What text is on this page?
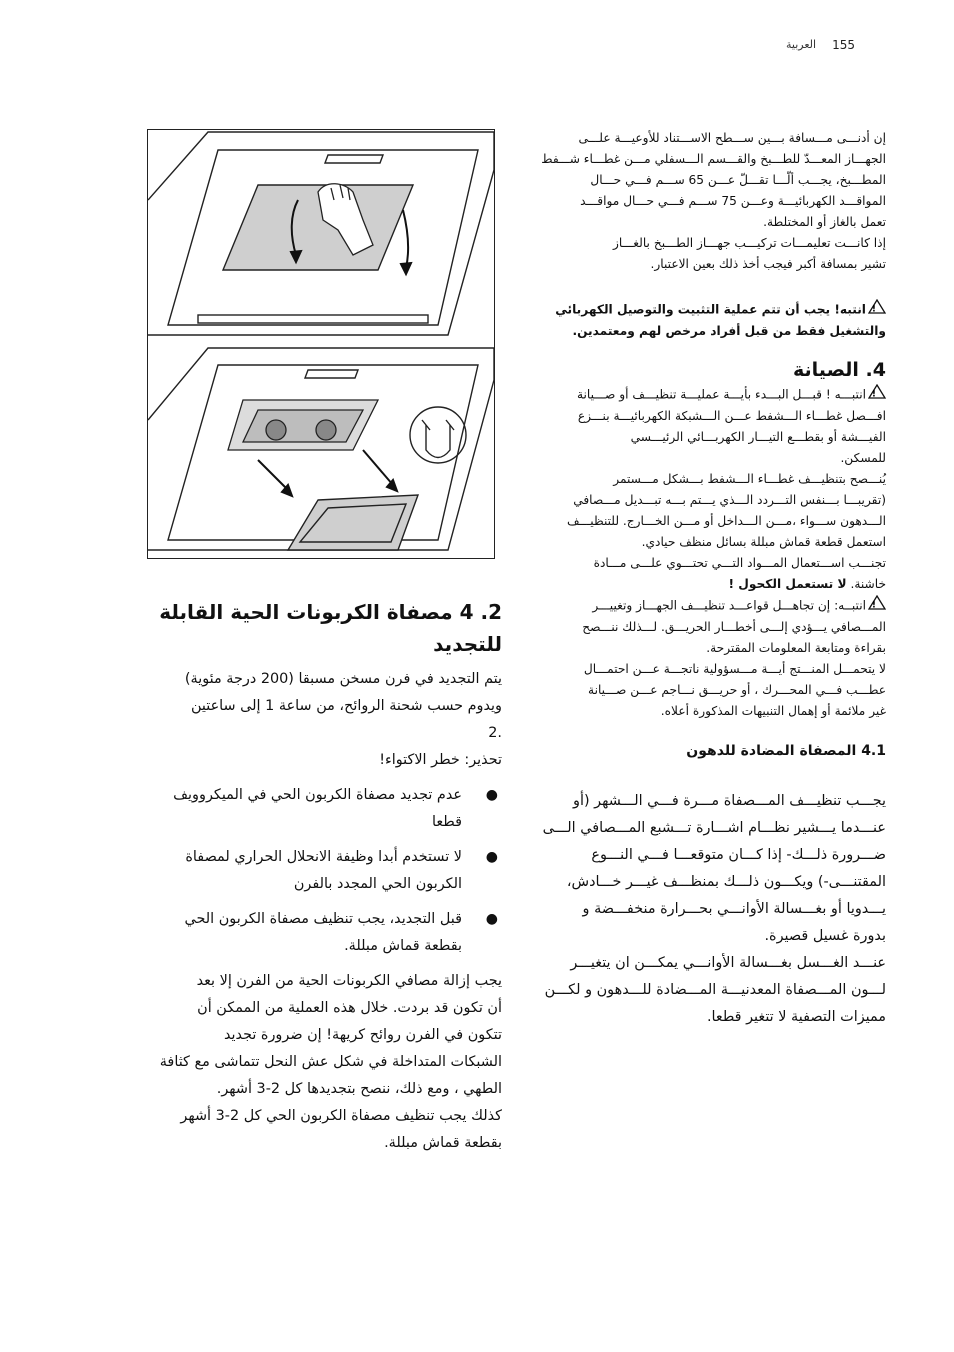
العربية 155

إن أدنـــى مـــسافة بـــين ســـطح الاســـتناد للأوعيـــة علـــى

الجهـــاز المعـــدّ للطـــبخ والقـــسم الـــسفلي مـــن غطـــاء شـــفط

المطـــبخ، يجـــب ألّـــا تقـــلّ عـــن 65 ســـم فـــي حـــال

المواقـــد الكهربائيـــة وعـــن 75 ســـم فـــي حـــال مواقـــد

تعمل بالغاز أو المختلطة.

إذا كانـــت تعليمـــات تركيـــب جهـــاز الطـــبخ بالغـــاز

تشير بمسافة أكبر فيجب أخذ ذلك بعين الاعتبار.

!
انتبه! يجب أن تتم عملية التثبيت والتوصيل الكهربائي

والتشغيل فقط من قبل أفراد مرخص لهم ومعتمدين.

4. الصيانة

!
انتبـــه ! قبـــل البـــدء بأيـــة عمليـــة تنظيـــف أو صـــيانة

افـــصل غطـــاء الـــشفط عـــن الـــشبكة الكهربائيـــة بنـــزع

الفيـــشة أو بقطـــع التيـــار الكهربـــائي الرئيـــسي

للمسكن.

يُنـــصح بتنظيـــف غطـــاء الـــشفط بـــشكل مـــستمر

(تقريبـــا بـــنفس التـــردد الـــذي يـــتم بـــه تبـــديل مـــصافي

الـــدهون ســـواء ،مـــن الـــداخل أو مـــن الخـــارج. للتنظيـــف

استعمل قطعة قماش مبللة بسائل منظف حيادي.

تجنـــب اســـتعمال المـــواد التـــي تحتـــوي علـــى مـــادة

خاشنة. لا تستعمل الكحول !

!
انتبــه: إن تجاهـــل قواعـــد تنظيـــف الجهـــاز وتغييـــر

المـــصافي يـــؤدي إلـــى أخطـــار الحريـــق. لـــذلك ننـــصح

بقراءة ومتابعة المعلومات المقترحة.

لا يتحمـــل المنـــتج أيـــة مـــسؤولية ناتجـــة عـــن احتمـــال

عطـــب فـــي المحـــرك ، أو حريـــق نـــاجم عـــن صـــيانة

غير ملائمة أو إهمال التنبيهات المذكورة أعلاه.

4.1 المصفاة المضادة للدهون

يجـــب تنظيـــف المـــصفاة مـــرة فـــي الـــشهر (أو

عنـــدما يـــشير نظـــام اشـــارة تـــشبع المـــصافي الـــى

ضـــرورة ذلـــك- إذا كـــان متوقعـــا فـــي النـــوع

المقتنـــى-) ويكـــون ذلـــك بمنظـــف غيـــر خـــادش،

يـــدويا أو بغـــسالة الأوانـــي بحـــرارة منخفـــضة و

بدورة غسيل قصيرة.

عنـــد الغـــسل بغـــسالة الأوانـــي يمكـــن ان يتغيـــر

لـــون المـــصفاة المعدنيـــة المـــضادة للـــدهون و لكـــن

مميزات التصفية لا تتغير قطعا.

2. 4 مصفاة الكربونات الحية القابلة للتجديد

يتم التجديد في فرن مسخن مسبقا (200 درجة مئوية)

ويدوم حسب شحنة الروائح، من ساعة 1 إلى ساعتين

.2

تحذير: خطر الاكتواء!

●
عدم تجديد مصفاة الكربون الحي في الميكروويف قطعا
●
لا تستخدم أبدا وظيفة الانحلال الحراري لمصفاة الكربون الحي المجدد بالفرن
●
قبل التجديد، يجب تنظيف مصفاة الكربون الحي بقطعة قماش مبللة.

يجب إزالة مصافي الكربونات الحية من الفرن إلا بعد

أن تكون قد بردت. خلال هذه العملية من الممكن أن

تتكون في الفرن روائح كريهة! إن ضرورة تجديد

الشبكات المتداخلة في شكل عش النحل تتماشى مع كثافة

الطهي ، ومع ذلك، ننصح بتجديدها كل 2-3 أشهر.

كذلك يجب تنظيف مصفاة الكربون الحي كل 2-3 أشهر

بقطعة قماش مبللة.
